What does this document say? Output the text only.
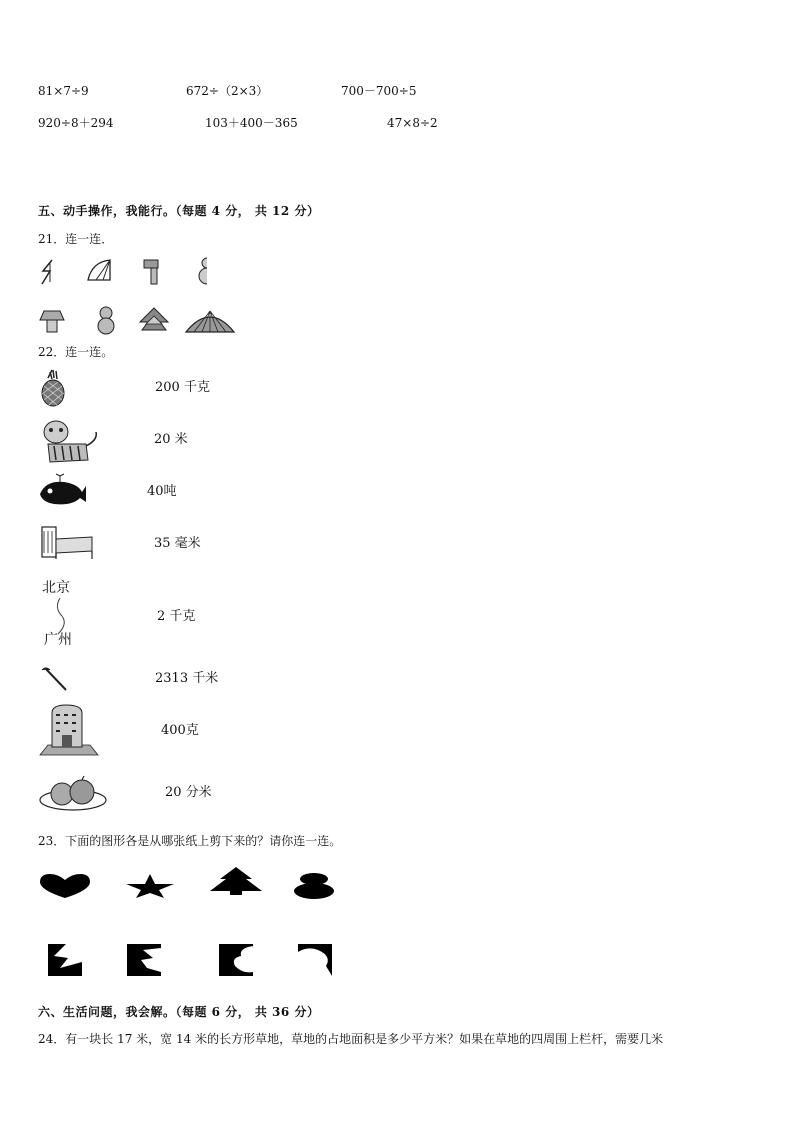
81×7÷9	672÷（2×3）	700－700÷5
920÷8＋294	103＋400－365	47×8÷2
五、动手操作，我能行。（每题 4 分， 共 12 分）
21．连一连．
22．连一连。
200 千克
20 米
40吨
35 毫米
北京
广州
2 千克
2313 千米
400克
20 分米
23．下面的图形各是从哪张纸上剪下来的？请你连一连。
六、生活问题，我会解。（每题 6 分， 共 36 分）
24．有一块长 17 米，宽 14 米的长方形草地，草地的占地面积是多少平方米？如果在草地的四周围上栏杆，需要几米
